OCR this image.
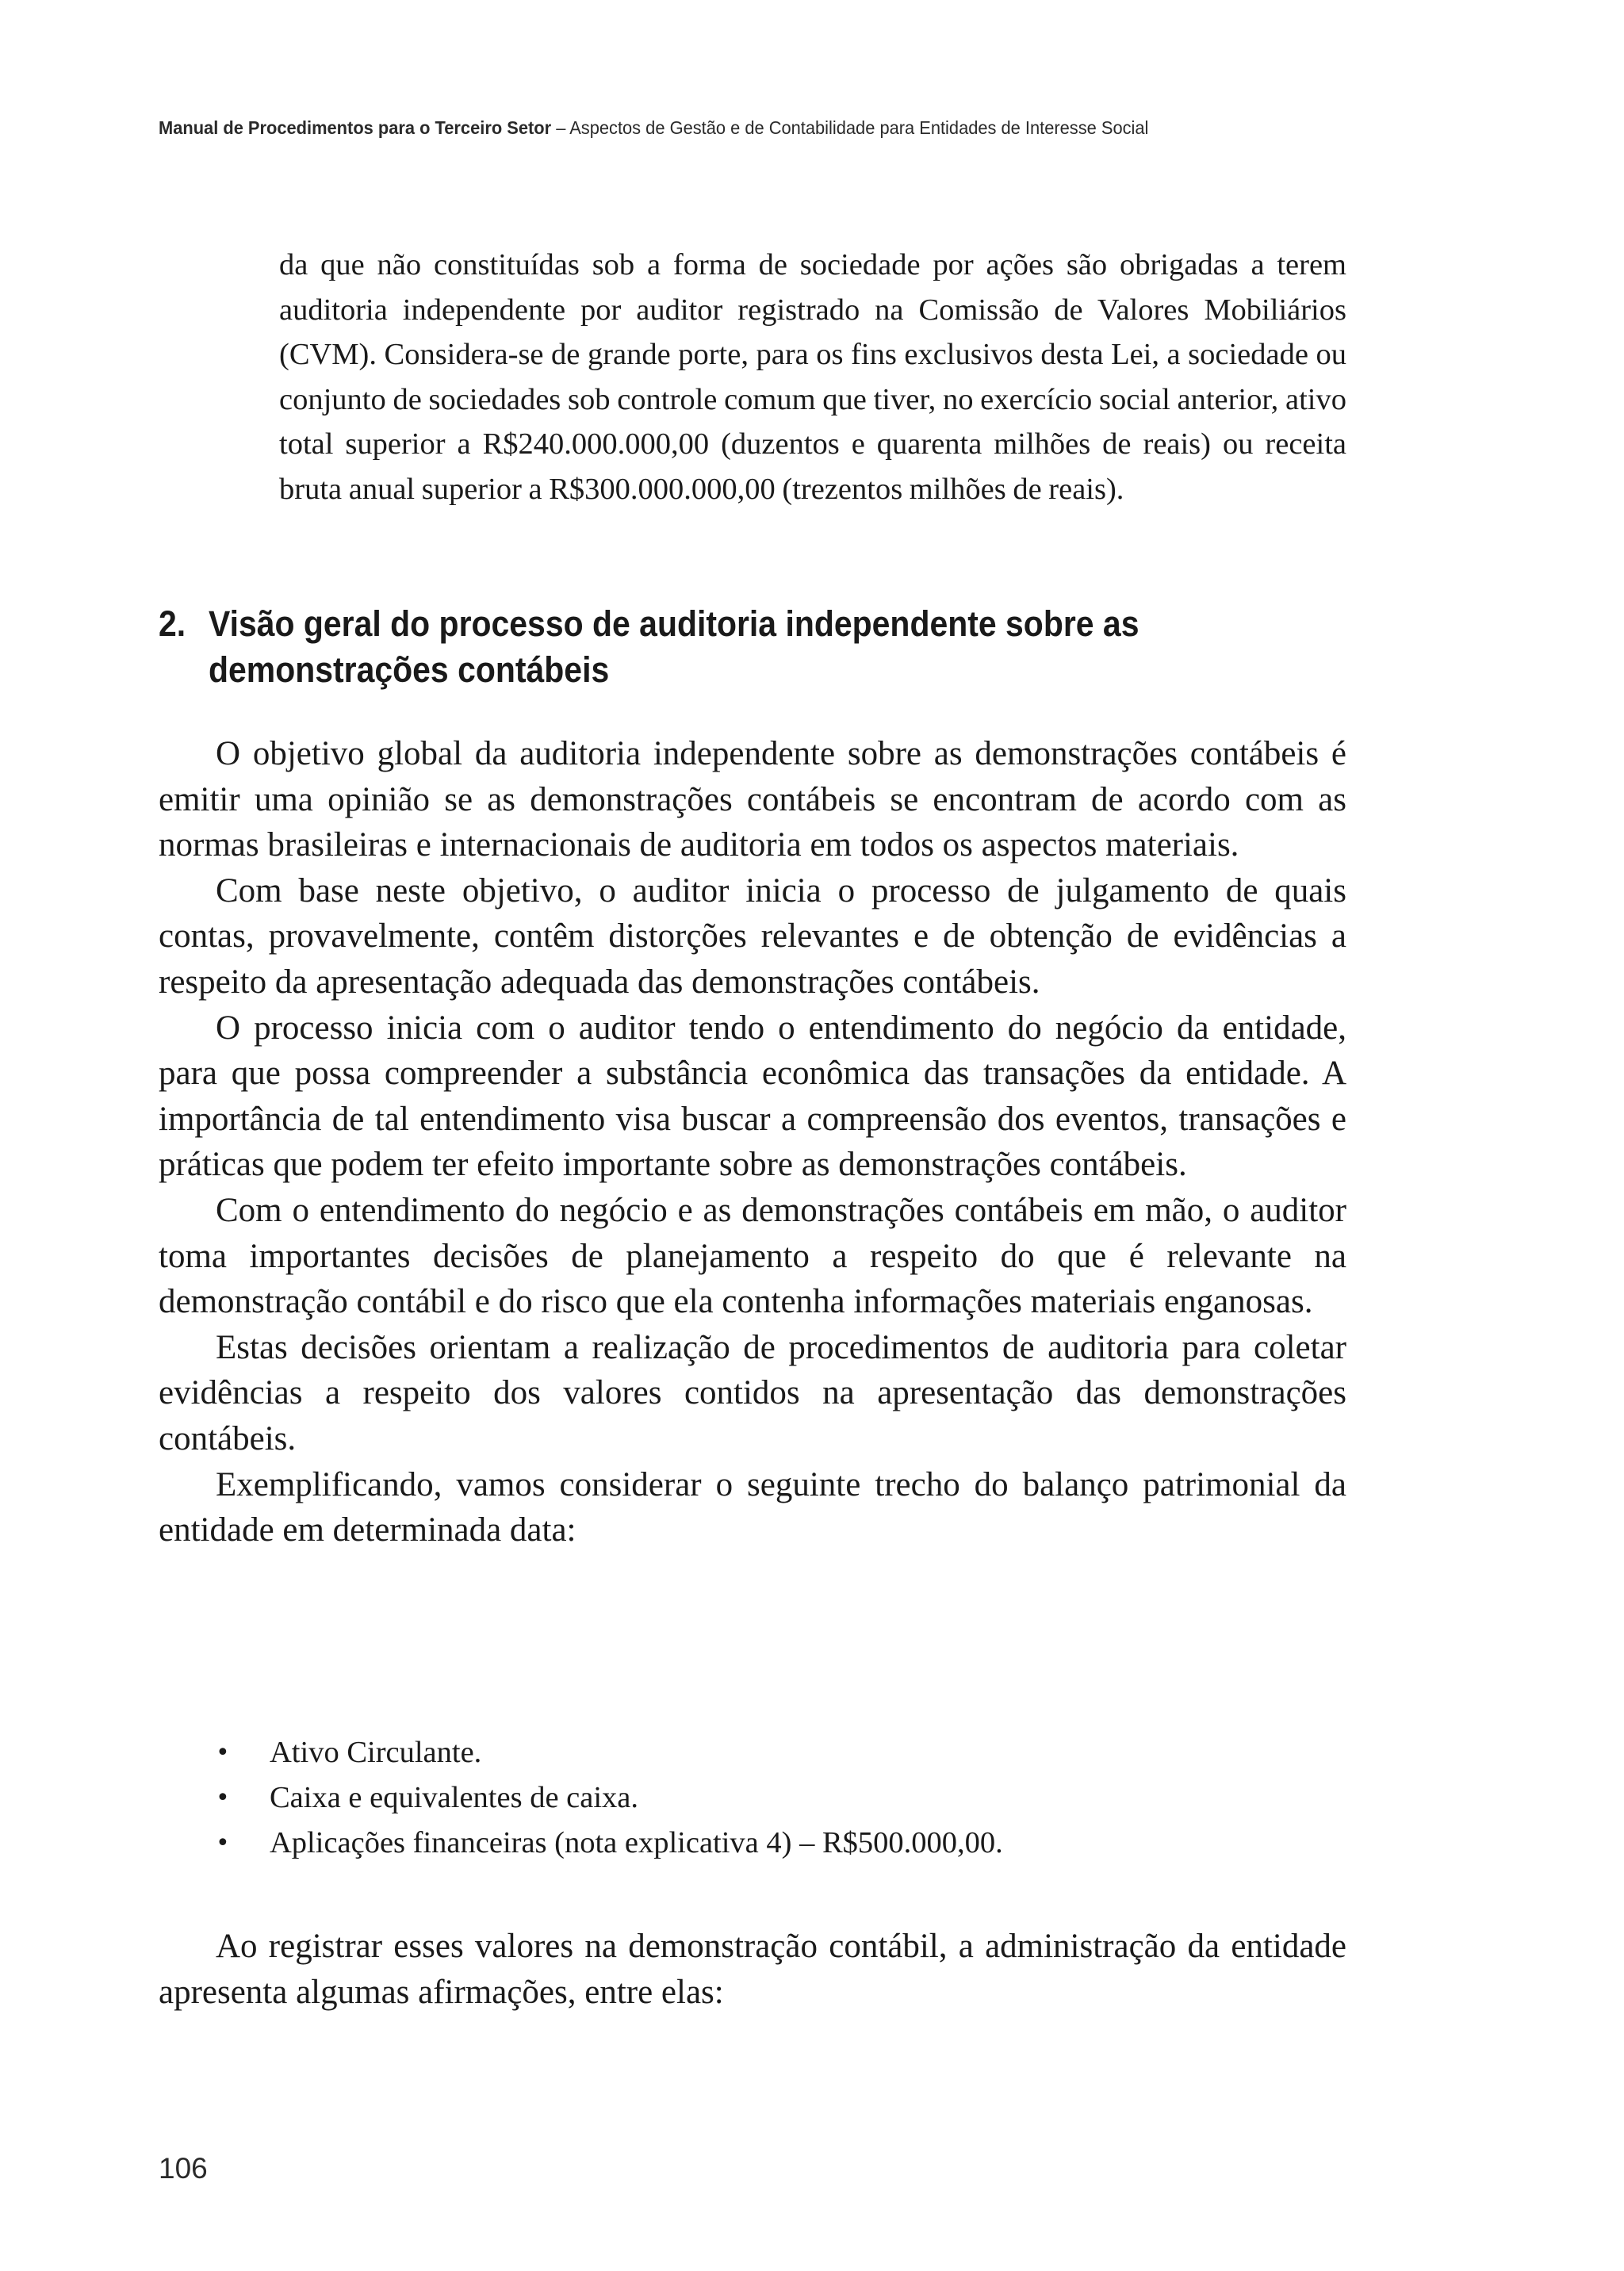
Manual de Procedimentos para o Terceiro Setor – Aspectos de Gestão e de Contabilidade para Entidades de Interesse Social
da que não constituídas sob a forma de sociedade por ações são obrigadas a terem auditoria independente por auditor registrado na Comissão de Valores Mobiliários (CVM). Considera-se de grande porte, para os fins exclusivos desta Lei, a sociedade ou conjunto de sociedades sob controle comum que tiver, no exercício social anterior, ativo total superior a R$240.000.000,00 (duzentos e quarenta milhões de reais) ou receita bruta anual superior a R$300.000.000,00 (trezentos milhões de reais).
2. Visão geral do processo de auditoria independente sobre as
demonstrações contábeis

O objetivo global da auditoria independente sobre as demonstrações contábeis é emitir uma opinião se as demonstrações contábeis se encontram de acordo com as normas brasileiras e internacionais de auditoria em todos os aspectos materiais.

Com base neste objetivo, o auditor inicia o processo de julgamento de quais contas, provavelmente, contêm distorções relevantes e de obtenção de evidências a respeito da apresentação adequada das demonstrações contábeis.

O processo inicia com o auditor tendo o entendimento do negócio da entidade, para que possa compreender a substância econômica das transações da entidade. A importância de tal entendimento visa buscar a compreensão dos eventos, transações e práticas que podem ter efeito importante sobre as demonstrações contábeis.

Com o entendimento do negócio e as demonstrações contábeis em mão, o auditor toma importantes decisões de planejamento a respeito do que é relevante na demonstração contábil e do risco que ela contenha informações materiais enganosas.

Estas decisões orientam a realização de procedimentos de auditoria para coletar evidências a respeito dos valores contidos na apresentação das demonstrações contábeis.

Exemplificando, vamos considerar o seguinte trecho do balanço patrimonial da entidade em determinada data:

• Ativo Circulante.
• Caixa e equivalentes de caixa.
• Aplicações financeiras (nota explicativa 4) – R$500.000,00.

Ao registrar esses valores na demonstração contábil, a administração da entidade apresenta algumas afirmações, entre elas:

106
